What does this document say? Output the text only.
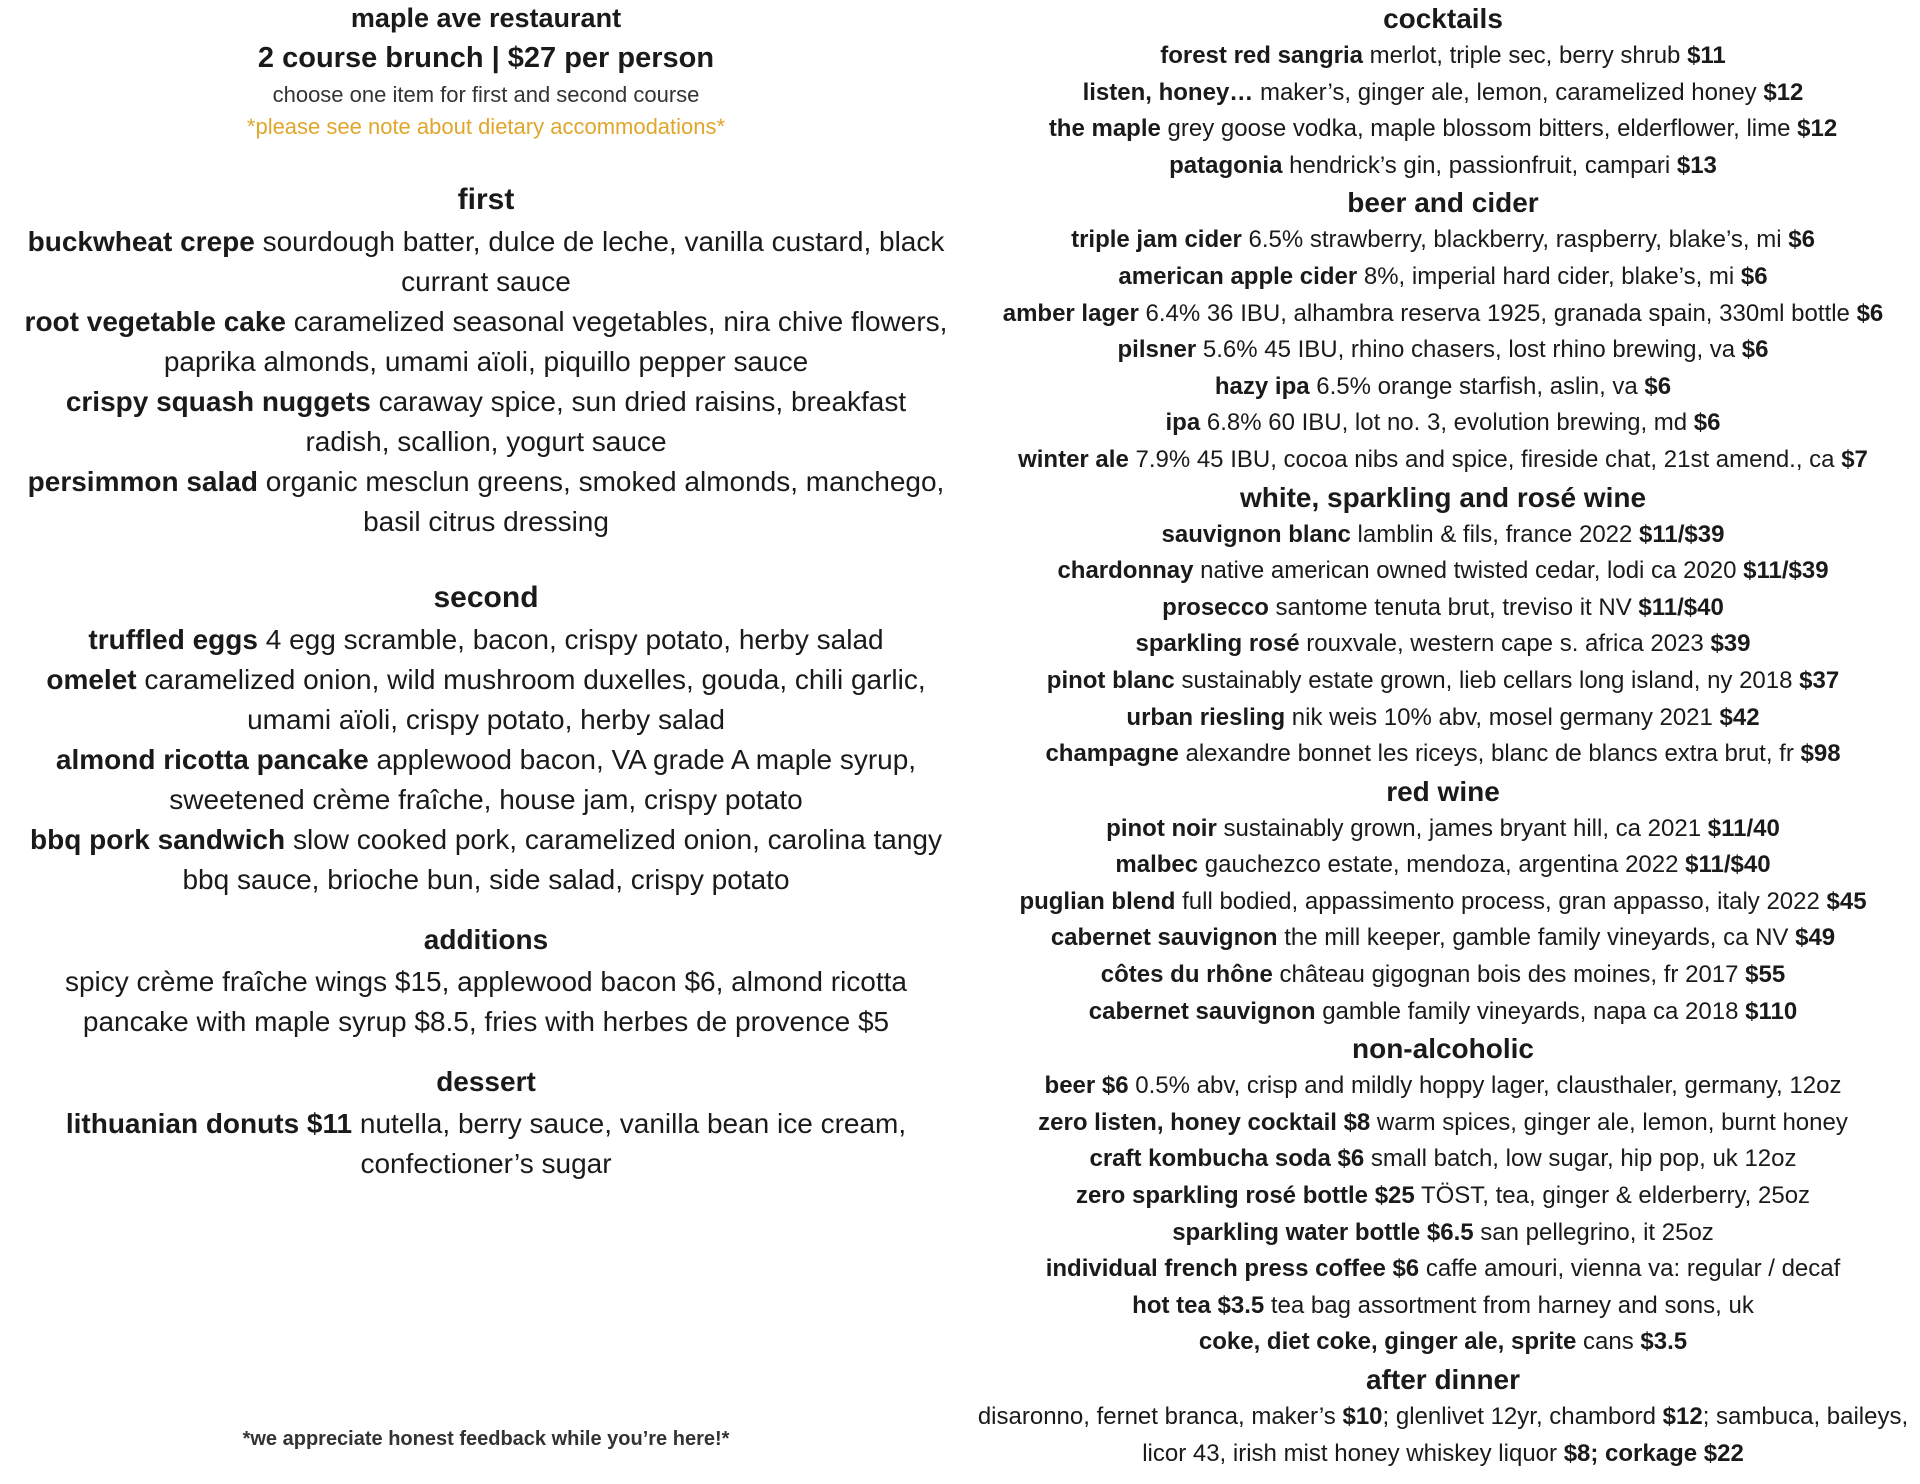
maple ave restaurant
2 course brunch | $27 per person
choose one item for first and second course
*please see note about dietary accommodations*
first
buckwheat crepe sourdough batter, dulce de leche, vanilla custard, black currant sauce
root vegetable cake caramelized seasonal vegetables, nira chive flowers, paprika almonds, umami aïoli, piquillo pepper sauce
crispy squash nuggets caraway spice, sun dried raisins, breakfast radish, scallion, yogurt sauce
persimmon salad organic mesclun greens, smoked almonds, manchego, basil citrus dressing
second
truffled eggs 4 egg scramble, bacon, crispy potato, herby salad
omelet caramelized onion, wild mushroom duxelles, gouda, chili garlic, umami aïoli, crispy potato, herby salad
almond ricotta pancake applewood bacon, VA grade A maple syrup, sweetened crème fraîche, house jam, crispy potato
bbq pork sandwich slow cooked pork, caramelized onion, carolina tangy bbq sauce, brioche bun, side salad, crispy potato
additions
spicy crème fraîche wings $15, applewood bacon $6, almond ricotta pancake with maple syrup $8.5, fries with herbes de provence $5
dessert
lithuanian donuts $11 nutella, berry sauce, vanilla bean ice cream, confectioner’s sugar
*we appreciate honest feedback while you’re here!*
cocktails
forest red sangria merlot, triple sec, berry shrub $11
listen, honey… maker’s, ginger ale, lemon, caramelized honey $12
the maple grey goose vodka, maple blossom bitters, elderflower, lime $12
patagonia hendrick’s gin, passionfruit, campari $13
beer and cider
triple jam cider 6.5% strawberry, blackberry, raspberry, blake’s, mi $6
american apple cider 8%, imperial hard cider, blake’s, mi $6
amber lager 6.4% 36 IBU, alhambra reserva 1925, granada spain, 330ml bottle $6
pilsner 5.6% 45 IBU, rhino chasers, lost rhino brewing, va $6
hazy ipa 6.5% orange starfish, aslin, va $6
ipa 6.8% 60 IBU, lot no. 3, evolution brewing, md $6
winter ale 7.9% 45 IBU, cocoa nibs and spice, fireside chat, 21st amend., ca $7
white, sparkling and rosé wine
sauvignon blanc lamblin & fils, france 2022 $11/$39
chardonnay native american owned twisted cedar, lodi ca 2020 $11/$39
prosecco santome tenuta brut, treviso it NV $11/$40
sparkling rosé rouxvale, western cape s. africa 2023 $39
pinot blanc sustainably estate grown, lieb cellars long island, ny 2018 $37
urban riesling nik weis 10% abv, mosel germany 2021 $42
champagne alexandre bonnet les riceys, blanc de blancs extra brut, fr $98
red wine
pinot noir sustainably grown, james bryant hill, ca 2021 $11/40
malbec gauchezco estate, mendoza, argentina 2022 $11/$40
puglian blend full bodied, appassimento process, gran appasso, italy 2022 $45
cabernet sauvignon the mill keeper, gamble family vineyards, ca NV $49
côtes du rhône château gigognan bois des moines, fr 2017 $55
cabernet sauvignon gamble family vineyards, napa ca 2018 $110
non-alcoholic
beer $6 0.5% abv, crisp and mildly hoppy lager, clausthaler, germany, 12oz
zero listen, honey cocktail $8 warm spices, ginger ale, lemon, burnt honey
craft kombucha soda $6 small batch, low sugar, hip pop, uk 12oz
zero sparkling rosé bottle $25 TÖST, tea, ginger & elderberry, 25oz
sparkling water bottle $6.5 san pellegrino, it 25oz
individual french press coffee $6 caffe amouri, vienna va: regular / decaf
hot tea $3.5 tea bag assortment from harney and sons, uk
coke, diet coke, ginger ale, sprite cans $3.5
after dinner
disaronno, fernet branca, maker’s $10; glenlivet 12yr, chambord $12; sambuca, baileys, licor 43, irish mist honey whiskey liquor $8; corkage $22
